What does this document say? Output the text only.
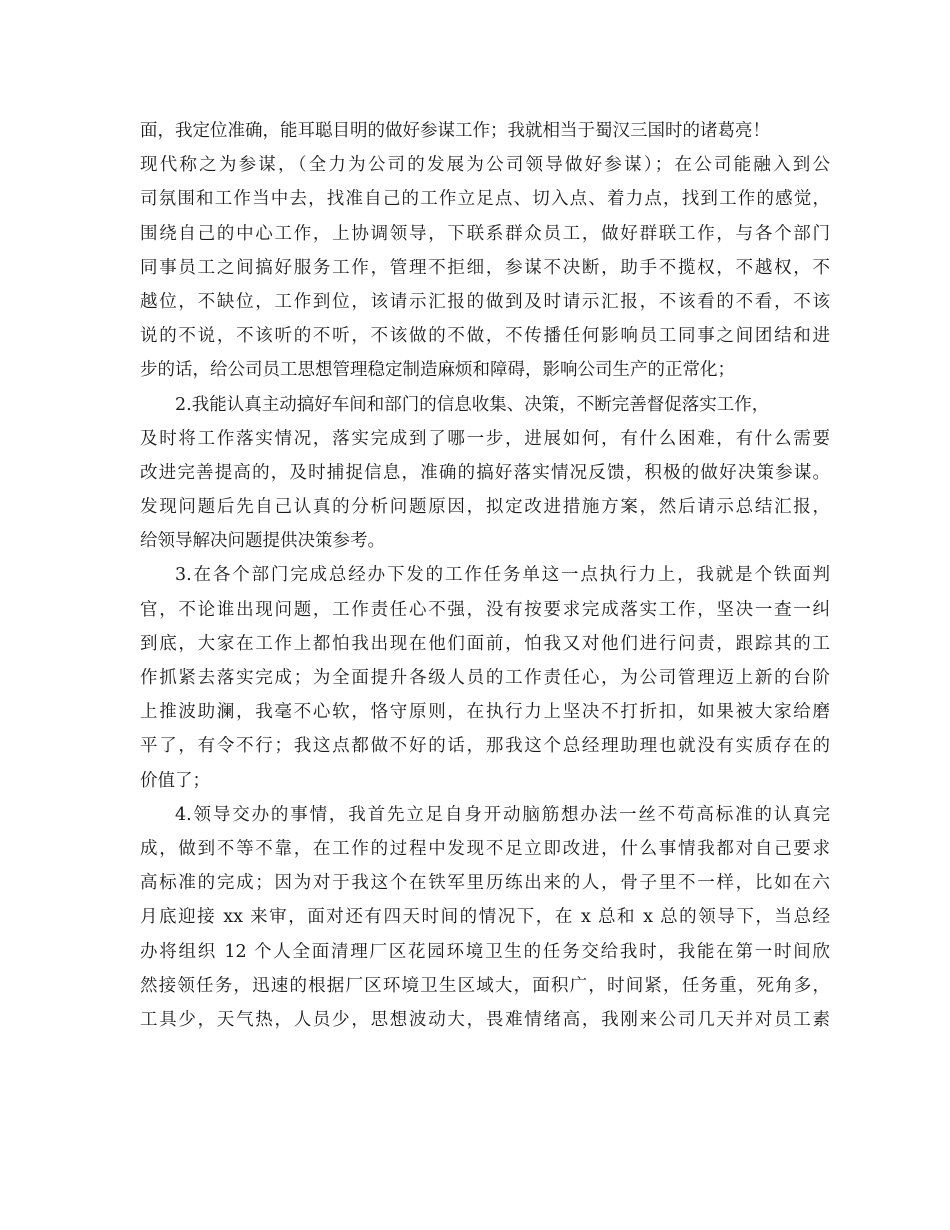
面，我定位准确，能耳聪目明的做好参谋工作；我就相当于蜀汉三国时的诸葛亮！
现代称之为参谋，（全力为公司的发展为公司领导做好参谋）；在公司能融入到公
司氛围和工作当中去，找准自己的工作立足点、切入点、着力点，找到工作的感觉，
围绕自己的中心工作，上协调领导，下联系群众员工，做好群联工作，与各个部门
同事员工之间搞好服务工作，管理不拒细，参谋不决断，助手不揽权，不越权，不
越位，不缺位，工作到位，该请示汇报的做到及时请示汇报，不该看的不看，不该
说的不说，不该听的不听，不该做的不做，不传播任何影响员工同事之间团结和进
步的话，给公司员工思想管理稳定制造麻烦和障碍，影响公司生产的正常化；
2.我能认真主动搞好车间和部门的信息收集、决策，不断完善督促落实工作，
及时将工作落实情况，落实完成到了哪一步，进展如何，有什么困难，有什么需要
改进完善提高的，及时捕捉信息，准确的搞好落实情况反馈，积极的做好决策参谋。
发现问题后先自己认真的分析问题原因，拟定改进措施方案，然后请示总结汇报，
给领导解决问题提供决策参考。
3.在各个部门完成总经办下发的工作任务单这一点执行力上，我就是个铁面判
官，不论谁出现问题，工作责任心不强，没有按要求完成落实工作，坚决一查一纠
到底，大家在工作上都怕我出现在他们面前，怕我又对他们进行问责，跟踪其的工
作抓紧去落实完成；为全面提升各级人员的工作责任心，为公司管理迈上新的台阶
上推波助澜，我毫不心软，恪守原则，在执行力上坚决不打折扣，如果被大家给磨
平了，有令不行；我这点都做不好的话，那我这个总经理助理也就没有实质存在的
价值了；
4.领导交办的事情，我首先立足自身开动脑筋想办法一丝不苟高标准的认真完
成，做到不等不靠，在工作的过程中发现不足立即改进，什么事情我都对自己要求
高标准的完成；因为对于我这个在铁军里历练出来的人，骨子里不一样，比如在六
月底迎接 xx 来审，面对还有四天时间的情况下，在 x 总和 x 总的领导下，当总经
办将组织 12 个人全面清理厂区花园环境卫生的任务交给我时，我能在第一时间欣
然接领任务，迅速的根据厂区环境卫生区域大，面积广，时间紧，任务重，死角多，
工具少，天气热，人员少，思想波动大，畏难情绪高，我刚来公司几天并对员工素
